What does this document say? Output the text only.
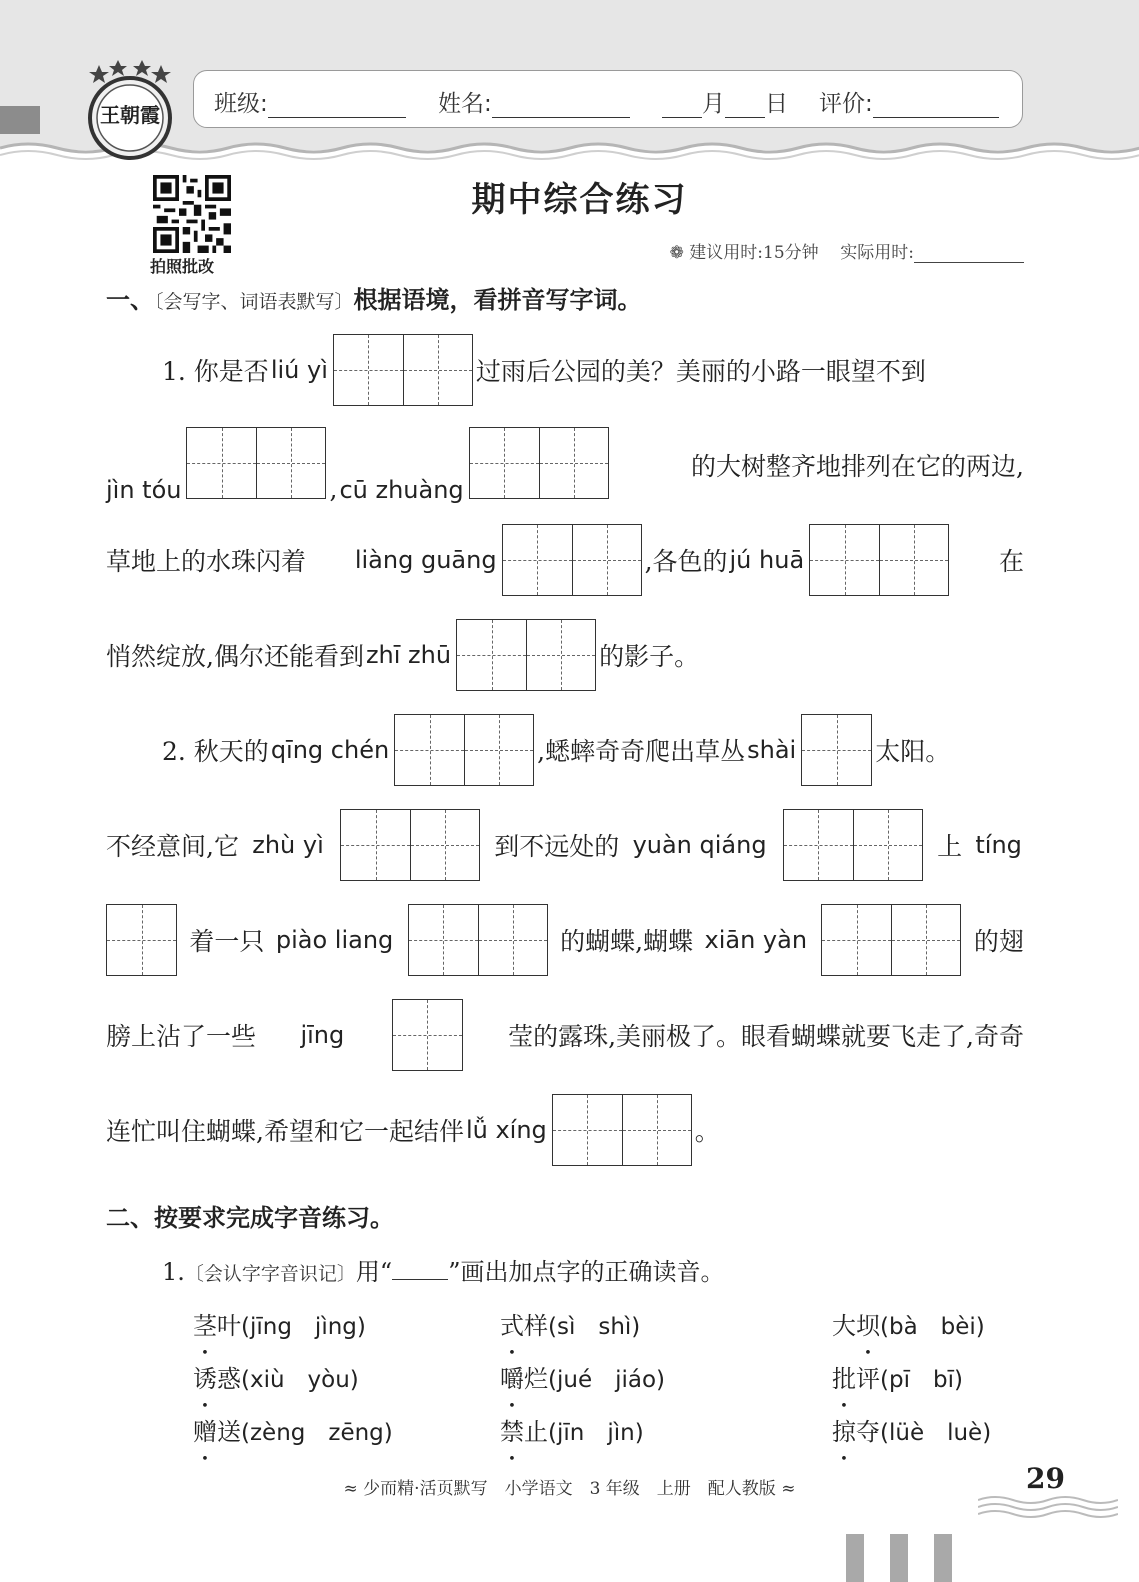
王朝霞 班级:	姓名:	月 日 评价:
拍照批改
期中综合练习
❁ 建议用时:15分钟 实际用时:
一、〔会写字、词语表默写〕根据语境，看拼音写字词。
1. 你是否 liú yì	过雨后公园的美？美丽的小路一眼望不到
jìn tóu	,cū zhuàng
的大树整齐地排列在它的两边,
草地上的水珠闪着 liàng guāng	,各色的 jú huā	在
悄然绽放,偶尔还能看到 zhī zhū	的影子。
2. 秋天的 qīng chén	,蟋蟀奇奇爬出草丛 shài	太阳。
不经意间,它 zhù yì	到不远处的 yuàn qiáng	上 tíng
着一只 piào liang	的蝴蝶,蝴蝶 xiān yàn	的翅
膀上沾了一些 jīng	莹的露珠,美丽极了。眼看蝴蝶就要飞走了,奇奇
连忙叫住蝴蝶,希望和它一起结伴 lǚ xíng	。
二、按要求完成字音练习。
1.〔会认字字音识记〕用“ ”画出加点字的正确读音。
茎叶(jīng　jìng)	式样(sì　shì)	大坝(bà　bèi)
诱惑(xiù　yòu)	嚼烂(jué　jiáo)	批评(pī　bī)
赠送(zèng　zēng)	禁止(jīn　jìn)	掠夺(lüè　luè)
≈ 少而精·活页默写　小学语文　3 年级　上册　配人教版 ≈	29
